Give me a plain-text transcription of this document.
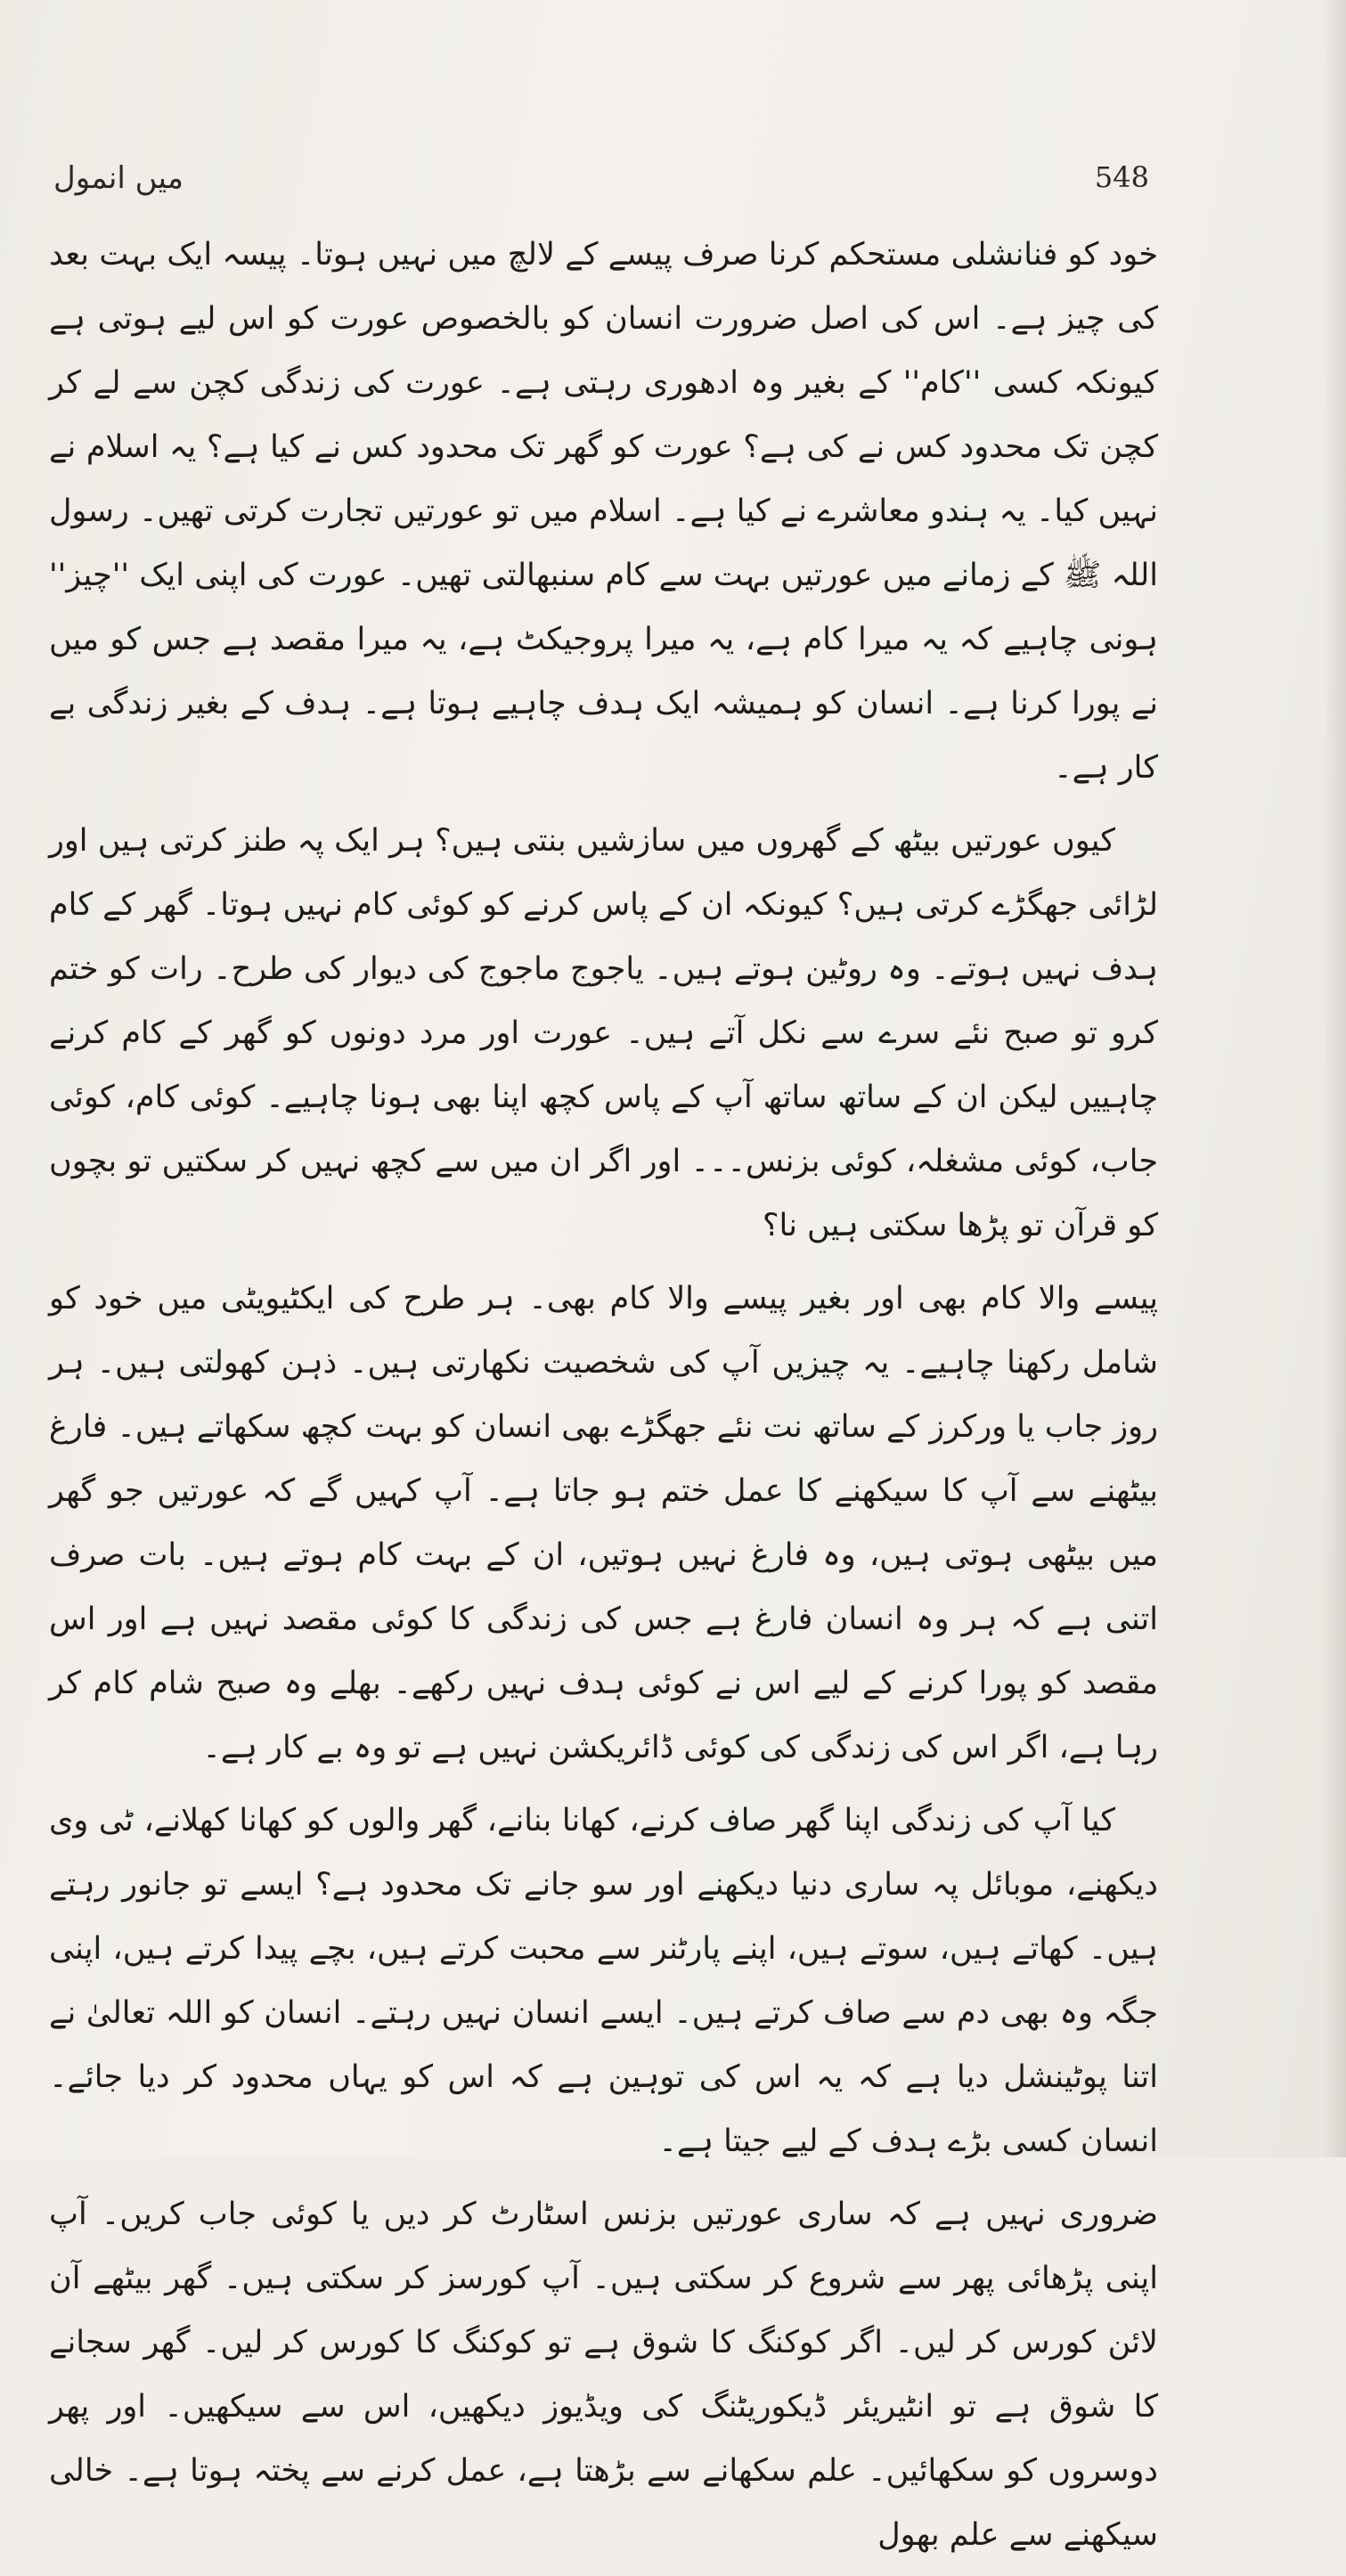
میں انمول	548

خود کو فنانشلی مستحکم کرنا صرف پیسے کے لالچ میں نہیں ہوتا۔ پیسہ ایک بہت بعد کی چیز ہے۔ اس کی اصل ضرورت انسان کو بالخصوص عورت کو اس لیے ہوتی ہے کیونکہ کسی ''کام'' کے بغیر وہ ادھوری رہتی ہے۔ عورت کی زندگی کچن سے لے کر کچن تک محدود کس نے کی ہے؟ عورت کو گھر تک محدود کس نے کیا ہے؟ یہ اسلام نے نہیں کیا۔ یہ ہندو معاشرے نے کیا ہے۔ اسلام میں تو عورتیں تجارت کرتی تھیں۔ رسول اللہ ﷺ کے زمانے میں عورتیں بہت سے کام سنبھالتی تھیں۔ عورت کی اپنی ایک ''چیز'' ہونی چاہیے کہ یہ میرا کام ہے، یہ میرا پروجیکٹ ہے، یہ میرا مقصد ہے جس کو میں نے پورا کرنا ہے۔ انسان کو ہمیشہ ایک ہدف چاہیے ہوتا ہے۔ ہدف کے بغیر زندگی بے کار ہے۔

کیوں عورتیں بیٹھ کے گھروں میں سازشیں بنتی ہیں؟ ہر ایک پہ طنز کرتی ہیں اور لڑائی جھگڑے کرتی ہیں؟ کیونکہ ان کے پاس کرنے کو کوئی کام نہیں ہوتا۔ گھر کے کام ہدف نہیں ہوتے۔ وہ روٹین ہوتے ہیں۔ یاجوج ماجوج کی دیوار کی طرح۔ رات کو ختم کرو تو صبح نئے سرے سے نکل آتے ہیں۔ عورت اور مرد دونوں کو گھر کے کام کرنے چاہییں لیکن ان کے ساتھ ساتھ آپ کے پاس کچھ اپنا بھی ہونا چاہیے۔ کوئی کام، کوئی جاب، کوئی مشغلہ، کوئی بزنس۔۔۔ اور اگر ان میں سے کچھ نہیں کر سکتیں تو بچوں کو قرآن تو پڑھا سکتی ہیں نا؟

پیسے والا کام بھی اور بغیر پیسے والا کام بھی۔ ہر طرح کی ایکٹیویٹی میں خود کو شامل رکھنا چاہیے۔ یہ چیزیں آپ کی شخصیت نکھارتی ہیں۔ ذہن کھولتی ہیں۔ ہر روز جاب یا ورکرز کے ساتھ نت نئے جھگڑے بھی انسان کو بہت کچھ سکھاتے ہیں۔ فارغ بیٹھنے سے آپ کا سیکھنے کا عمل ختم ہو جاتا ہے۔ آپ کہیں گے کہ عورتیں جو گھر میں بیٹھی ہوتی ہیں، وہ فارغ نہیں ہوتیں، ان کے بہت کام ہوتے ہیں۔ بات صرف اتنی ہے کہ ہر وہ انسان فارغ ہے جس کی زندگی کا کوئی مقصد نہیں ہے اور اس مقصد کو پورا کرنے کے لیے اس نے کوئی ہدف نہیں رکھے۔ بھلے وہ صبح شام کام کر رہا ہے، اگر اس کی زندگی کی کوئی ڈائریکشن نہیں ہے تو وہ بے کار ہے۔

کیا آپ کی زندگی اپنا گھر صاف کرنے، کھانا بنانے، گھر والوں کو کھانا کھلانے، ٹی وی دیکھنے، موبائل پہ ساری دنیا دیکھنے اور سو جانے تک محدود ہے؟ ایسے تو جانور رہتے ہیں۔ کھاتے ہیں، سوتے ہیں، اپنے پارٹنر سے محبت کرتے ہیں، بچے پیدا کرتے ہیں، اپنی جگہ وہ بھی دم سے صاف کرتے ہیں۔ ایسے انسان نہیں رہتے۔ انسان کو اللہ تعالیٰ نے اتنا پوٹینشل دیا ہے کہ یہ اس کی توہین ہے کہ اس کو یہاں محدود کر دیا جائے۔ انسان کسی بڑے ہدف کے لیے جیتا ہے۔

ضروری نہیں ہے کہ ساری عورتیں بزنس اسٹارٹ کر دیں یا کوئی جاب کریں۔ آپ اپنی پڑھائی پھر سے شروع کر سکتی ہیں۔ آپ کورسز کر سکتی ہیں۔ گھر بیٹھے آن لائن کورس کر لیں۔ اگر کوکنگ کا شوق ہے تو کوکنگ کا کورس کر لیں۔ گھر سجانے کا شوق ہے تو انٹیریئر ڈیکوریٹنگ کی ویڈیوز دیکھیں، اس سے سیکھیں۔ اور پھر دوسروں کو سکھائیں۔ علم سکھانے سے بڑھتا ہے، عمل کرنے سے پختہ ہوتا ہے۔ خالی سیکھنے سے علم بھول
